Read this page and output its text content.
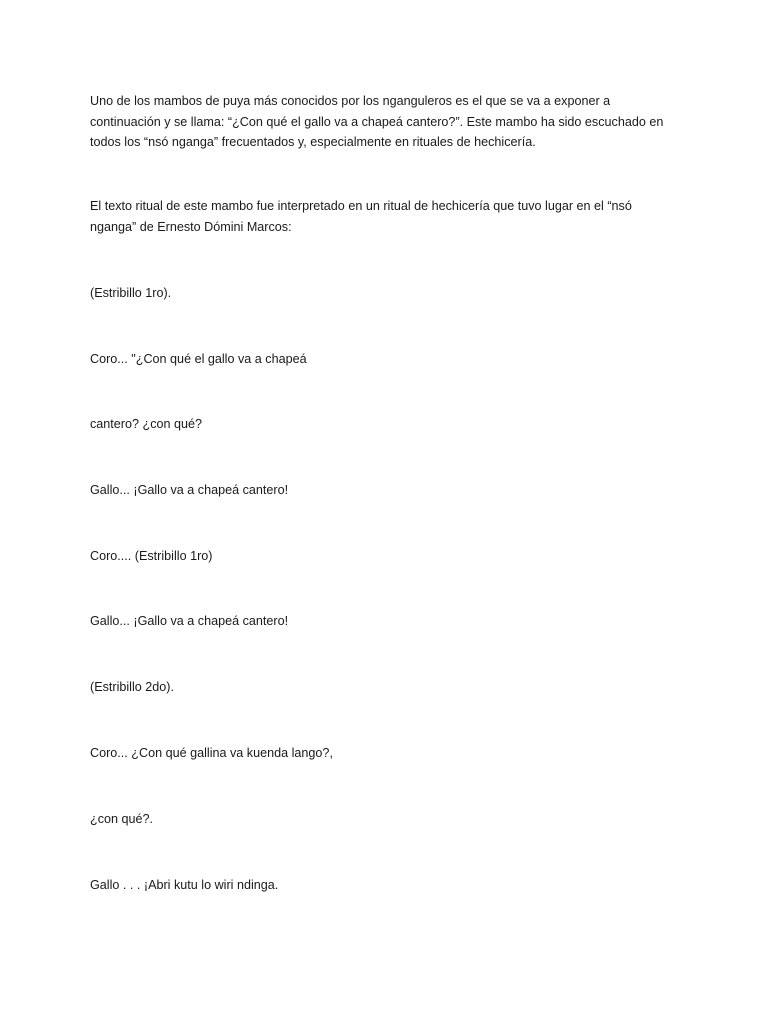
Uno de los mambos de puya más conocidos por los nganguleros es el que se va a exponer a continuación y se llama: “¿Con qué el gallo va a chapeá cantero?”. Este mambo ha sido escuchado en todos los “nsó nganga” frecuentados y, especialmente en rituales de hechicería.

El texto ritual de este mambo fue interpretado en un ritual de hechicería que tuvo lugar en el “nsó nganga” de Ernesto Dómini Marcos:

(Estribillo 1ro).

Coro... "¿Con qué el gallo va a chapeá

cantero? ¿con qué?

Gallo... ¡Gallo va a chapeá cantero!

Coro.... (Estribillo 1ro)

Gallo... ¡Gallo va a chapeá cantero!

(Estribillo 2do).

Coro... ¿Con qué gallina va kuenda lango?,

¿con qué?.

Gallo . . . ¡Abri kutu lo wiri ndinga.
